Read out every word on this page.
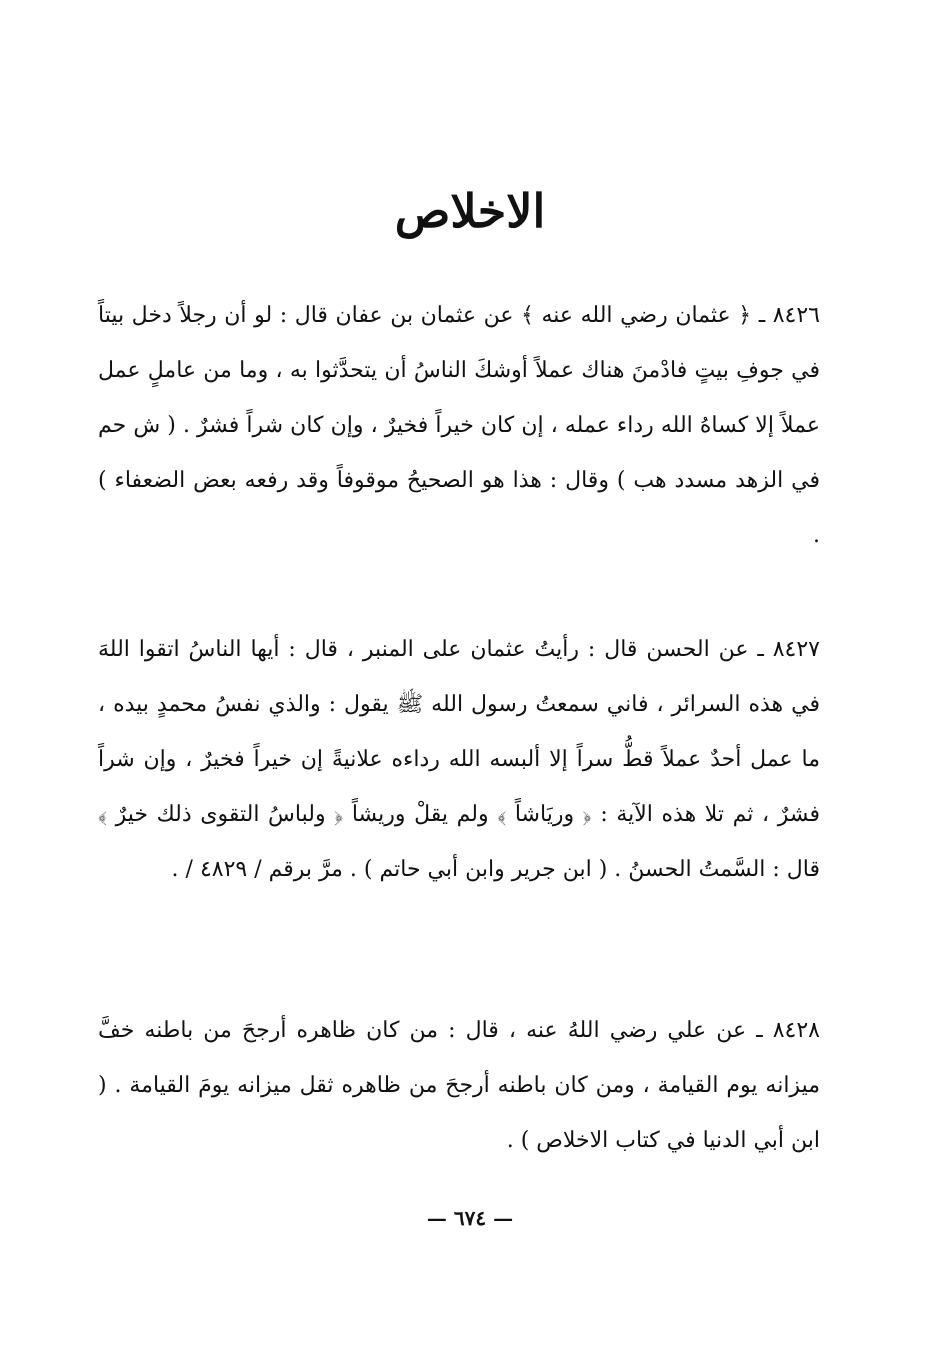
الاخلاص

٨٤٢٦ ـ ﴿ عثمان رضي الله عنه ﴾ عن عثمان بن عفان قال : لو أن رجلاً دخل بيتاً في جوفِ بيتٍ فادْمنَ هناك عملاً أوشكَ الناسُ أن يتحدَّثوا به ، وما من عاملٍ عمل عملاً إلا كساهُ الله رداء عمله ، إن كان خيراً فخيرٌ ، وإن كان شراً فشرٌ . ( ش حم في الزهد مسدد هب ) وقال : هذا هو الصحيحُ موقوفاً وقد رفعه بعض الضعفاء ) .

٨٤٢٧ ـ عن الحسن قال : رأيتُ عثمان على المنبر ، قال : أيها الناسُ اتقوا اللهَ في هذه السرائر ، فاني سمعتُ رسول الله ﷺ يقول : والذي نفسُ محمدٍ بيده ، ما عمل أحدٌ عملاً قطُّ سراً إلا ألبسه الله رداءه علانيةً إن خيراً فخيرٌ ، وإن شراً فشرٌ ، ثم تلا هذه الآية : ﴿ وريَاشاً ﴾ ولم يقلْ وريشاً ﴿ ولباسُ التقوى ذلك خيرٌ ﴾ قال : السَّمتُ الحسنُ . ( ابن جرير وابن أبي حاتم ) . مرَّ برقم / ٤٨٢٩ / .

٨٤٢٨ ـ عن علي رضي اللهُ عنه ، قال : من كان ظاهره أرجحَ من باطنه خفَّ ميزانه يوم القيامة ، ومن كان باطنه أرجحَ من ظاهره ثقل ميزانه يومَ القيامة . ( ابن أبي الدنيا في كتاب الاخلاص ) .

— ٦٧٤ —
